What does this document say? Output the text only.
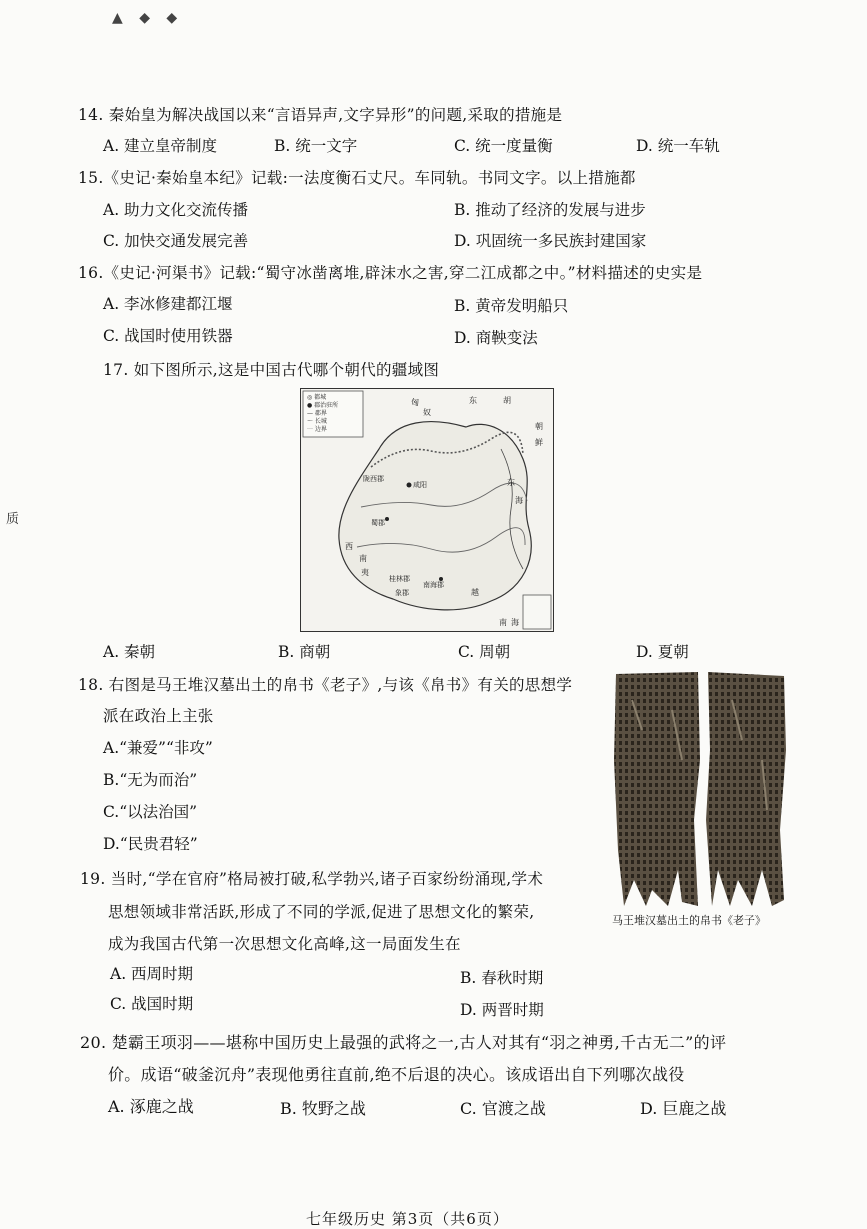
▲ ◆ ◆
质
14. 秦始皇为解决战国以来“言语异声,文字异形”的问题,采取的措施是
A. 建立皇帝制度	B. 统一文字	C. 统一度量衡	D. 统一车轨
15.《史记·秦始皇本纪》记载:一法度衡石丈尺。车同轨。书同文字。以上措施都
A. 助力文化交流传播	B. 推动了经济的发展与进步
C. 加快交通发展完善	D. 巩固统一多民族封建国家
16.《史记·河渠书》记载:“蜀守冰凿离堆,辟沫水之害,穿二江成都之中。”材料描述的史实是
A. 李冰修建都江堰	B. 黄帝发明船只
C. 战国时使用铁器	D. 商鞅变法
17. 如下图所示,这是中国古代哪个朝代的疆域图
◎ 都城
● 郡治驻所
— 郡界
～ 长城
⋯ 边界
匈
奴
东	胡
朝
鲜
陇西郡
咸阳	东
海
蜀郡
西
南
夷
南海郡
桂林郡
象郡	越
南 海
A. 秦朝	B. 商朝	C. 周朝	D. 夏朝
18. 右图是马王堆汉墓出土的帛书《老子》,与该《帛书》有关的思想学
派在政治上主张
A.“兼爱”“非攻”
B.“无为而治”
C.“以法治国”
D.“民贵君轻”
马王堆汉墓出土的帛书《老子》
19. 当时,“学在官府”格局被打破,私学勃兴,诸子百家纷纷涌现,学术
思想领域非常活跃,形成了不同的学派,促进了思想文化的繁荣,
成为我国古代第一次思想文化高峰,这一局面发生在
A. 西周时期	B. 春秋时期
C. 战国时期	D. 两晋时期
20. 楚霸王项羽——堪称中国历史上最强的武将之一,古人对其有“羽之神勇,千古无二”的评
价。成语“破釜沉舟”表现他勇往直前,绝不后退的决心。该成语出自下列哪次战役
A. 涿鹿之战	B. 牧野之战	C. 官渡之战	D. 巨鹿之战
七年级历史 第3页（共6页）
